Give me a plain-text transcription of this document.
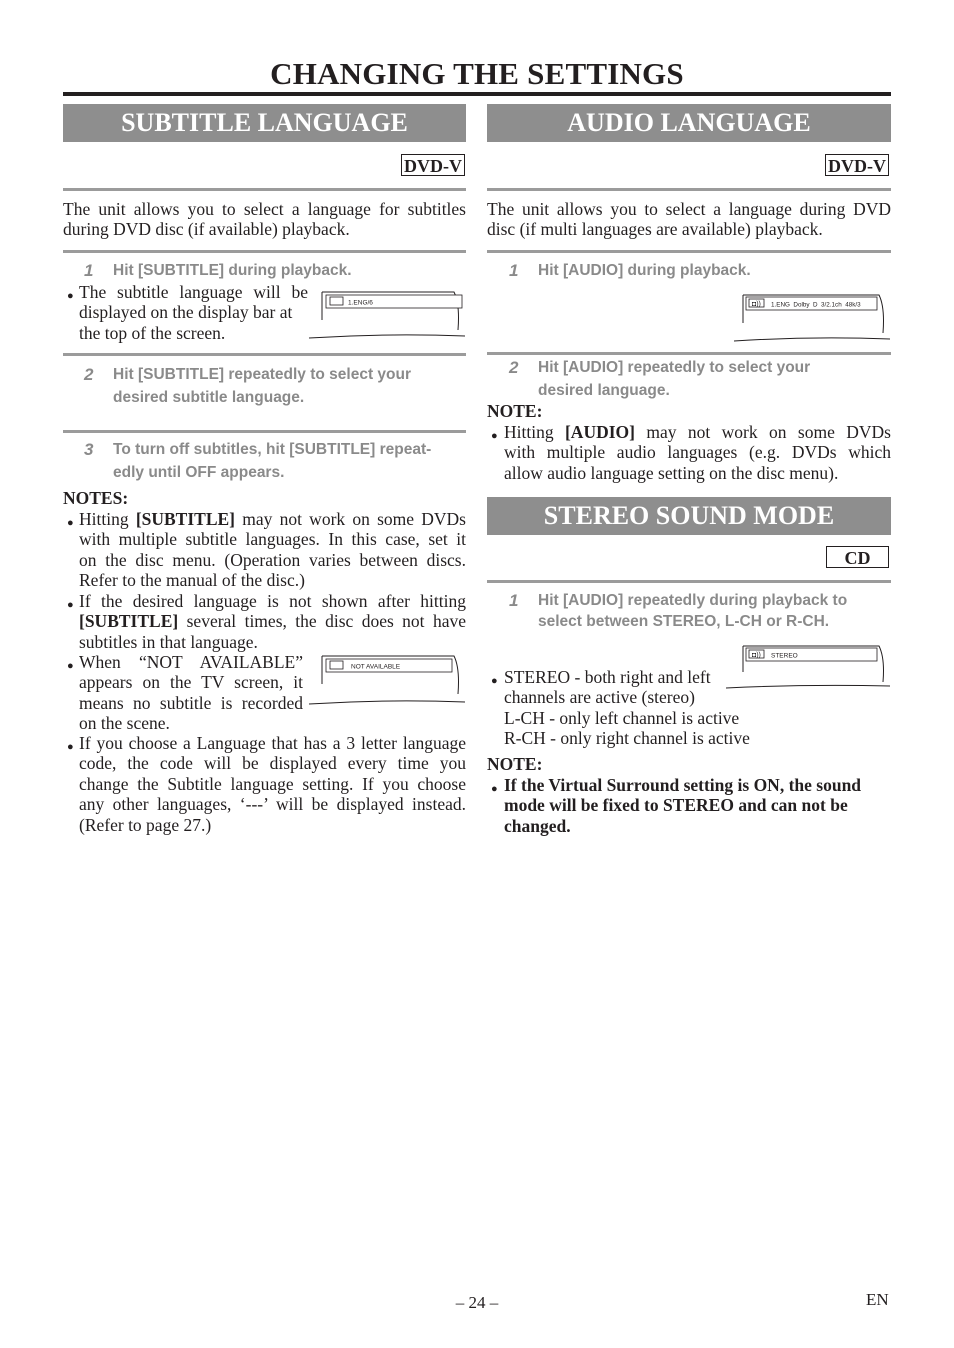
CHANGING THE SETTINGS
SUBTITLE LANGUAGE
DVD-V
The unit allows you to select a language for subtitles during DVD disc (if available) playback.
1 Hit [SUBTITLE] during playback.
● The subtitle language will be
displayed on the display bar at
the top of the screen.
1.ENG/6
2 Hit [SUBTITLE] repeatedly to select your
desired subtitle language.
3 To turn off subtitles, hit [SUBTITLE] repeat-
edly until OFF appears.
NOTES:
● Hitting [SUBTITLE] may not work on some DVDs
with multiple subtitle languages. In this case, set it
on the disc menu. (Operation varies between discs.
Refer to the manual of the disc.)
● If the desired language is not shown after hitting
[SUBTITLE] several times, the disc does not have
subtitles in that language.
● When  “NOT  AVAILABLE”
appears on the TV screen, it
means no subtitle is recorded
on the scene.
NOT AVAILABLE
● If you choose a Language that has a 3 letter language
code, the code will be displayed every time you
change the Subtitle language setting. If you choose
any other languages, ‘---’ will be displayed instead.
(Refer to page 27.)
AUDIO LANGUAGE
DVD-V
The unit allows you to select a language during DVD disc (if multi languages are available) playback.
1 Hit [AUDIO] during playback.
◘)) 1.ENG  Dolby  D  3/2.1ch  48k/3
2 Hit [AUDIO] repeatedly to select your
desired language.
NOTE:
● Hitting [AUDIO] may not work on some DVDs
with multiple audio languages (e.g. DVDs which
allow audio language setting on the disc menu).
STEREO SOUND MODE
CD
1 Hit [AUDIO] repeatedly during playback to
select between STEREO, L-CH or R-CH.
◘)) STEREO
● STEREO - both right and left
channels are active (stereo)
L-CH - only left channel is active
R-CH - only right channel is active
NOTE:
● If the Virtual Surround setting is ON, the sound
mode will be fixed to STEREO and can not be
changed.
– 24 –	EN
